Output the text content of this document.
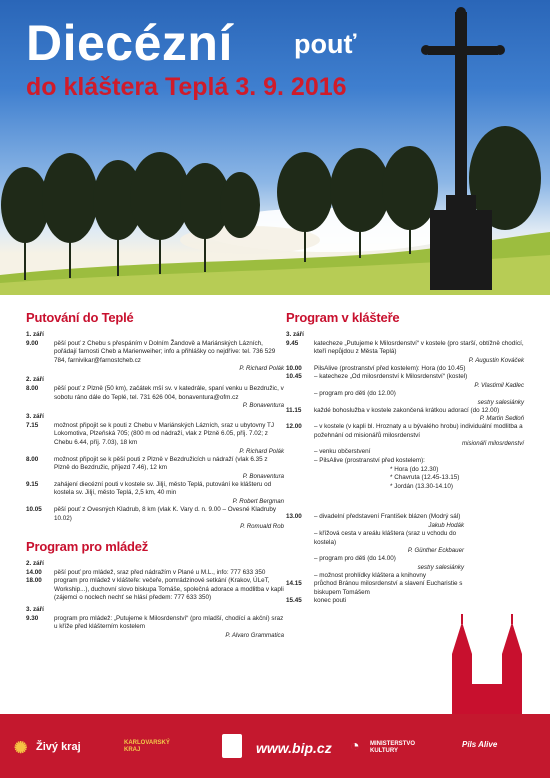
Diecézní pouť
do kláštera Teplá 3. 9. 2016
Putování do Teplé
1. září
9.00	pěší pouť z Chebu s přespáním v Dolním Žandově a Mariánských Lázních, pořádají farnosti Cheb a Marienweiher; info a přihlášky co nejdříve: tel. 736 529 784, farnivikar@farnostcheb.cz
P. Richard Polák
2. září
8.00	pěší pouť z Plzně (50 km), začátek mší sv. v katedrále, spaní venku u Bezdružic, v sobotu ráno dále do Teplé, tel. 731 626 004, bonaventura@ofm.cz
P. Bonaventura
3. září
7.15	možnost připojit se k pouti z Chebu v Mariánských Lázních, sraz u ubytovny TJ Lokomotiva, Plzeňská 705; (800 m od nádraží, vlak z Plzně 6.05, příj. 7.02; z Chebu 6.44, příj. 7.03), 18 km
P. Richard Polák
8.00	možnost připojit se k pěší pouti z Plzně v Bezdružicích u nádraží (vlak 6.35 z Plzně do Bezdružic, příjezd 7.46), 12 km
P. Bonaventura
9.15	zahájení diecézní pouti v kostele sv. Jiljí, město Teplá, putování ke klášteru od kostela sv. Jiljí, město Teplá, 2,5 km, 40 min
P. Robert Bergman
10.05	pěší pouť z Ovesných Kladrub, 8 km (vlak K. Vary d. n. 9.00 – Ovesné Kladruby 10.02)
P. Romuald Rob
Program pro mládež
2. září
14.00	pěší pouť pro mládež, sraz před nádražím v Plané u M.L., info: 777 633 350
18.00	program pro mládež v klášteře: večeře, pomrádzinové setkání (Krakov, ÚLeT, Workship...), duchovní slovo biskupa Tomáše, společná adorace a modlitba v kapli (zájemci o noclech nechť se hlásí předem: 777 633 350)
3. září
9.30	program pro mládež: „Putujeme k Milosrdenství“ (pro mladší, chodící a akční) sraz u kříže před klášterním kostelem
P. Alvaro Grammatica
Program v klášteře
3. září
9.45	katecheze „Putujeme k Milosrdenství“ v kostele (pro starší, obtížně chodící, kteří nepůjdou z Města Teplá)
P. Augustin Kováček
10.00	PilsAlive (prostranství před kostelem): Hora (do 10.45)
10.45	– katecheze „Od milosrdenství k Milosrdenství“ (kostel)
P. Vlastimil Kadlec
– program pro děti (do 12.00)
sestry salesiánky
11.15	každé bohoslužba v kostele zakončená krátkou adorací (do 12.00)
P. Martin Sedloň
12.00	– v kostele (v kapli bl. Hroznaty a u bývalého hrobu) individuální modlitba a požehnání od misionářů milosrdenství
misionáři milosrdenství
– venku občerstvení
– PilsAlive (prostranství před kostelem):
* Hora (do 12.30)
* Chavruta (12.45-13.15)
* Jordán (13.30-14.10)
13.00	– divadelní představení František blázen (Modrý sál)
Jakub Hodák
– křížová cesta v areálu kláštera (sraz u vchodu do kostela)
P. Günther Eckbauer
– program pro děti (do 14.00)
sestry salesiánky
– možnost prohlídky kláštera a knihovny
14.15	průchod Bránou milosrdenství a slavení Eucharistie s biskupem Tomášem
15.45	konec pouti
✺ Živý kraj	KARLOVARSKÝ KRAJ	www.bip.cz ◔ MINISTERSTVO KULTURY
Pils Alive
